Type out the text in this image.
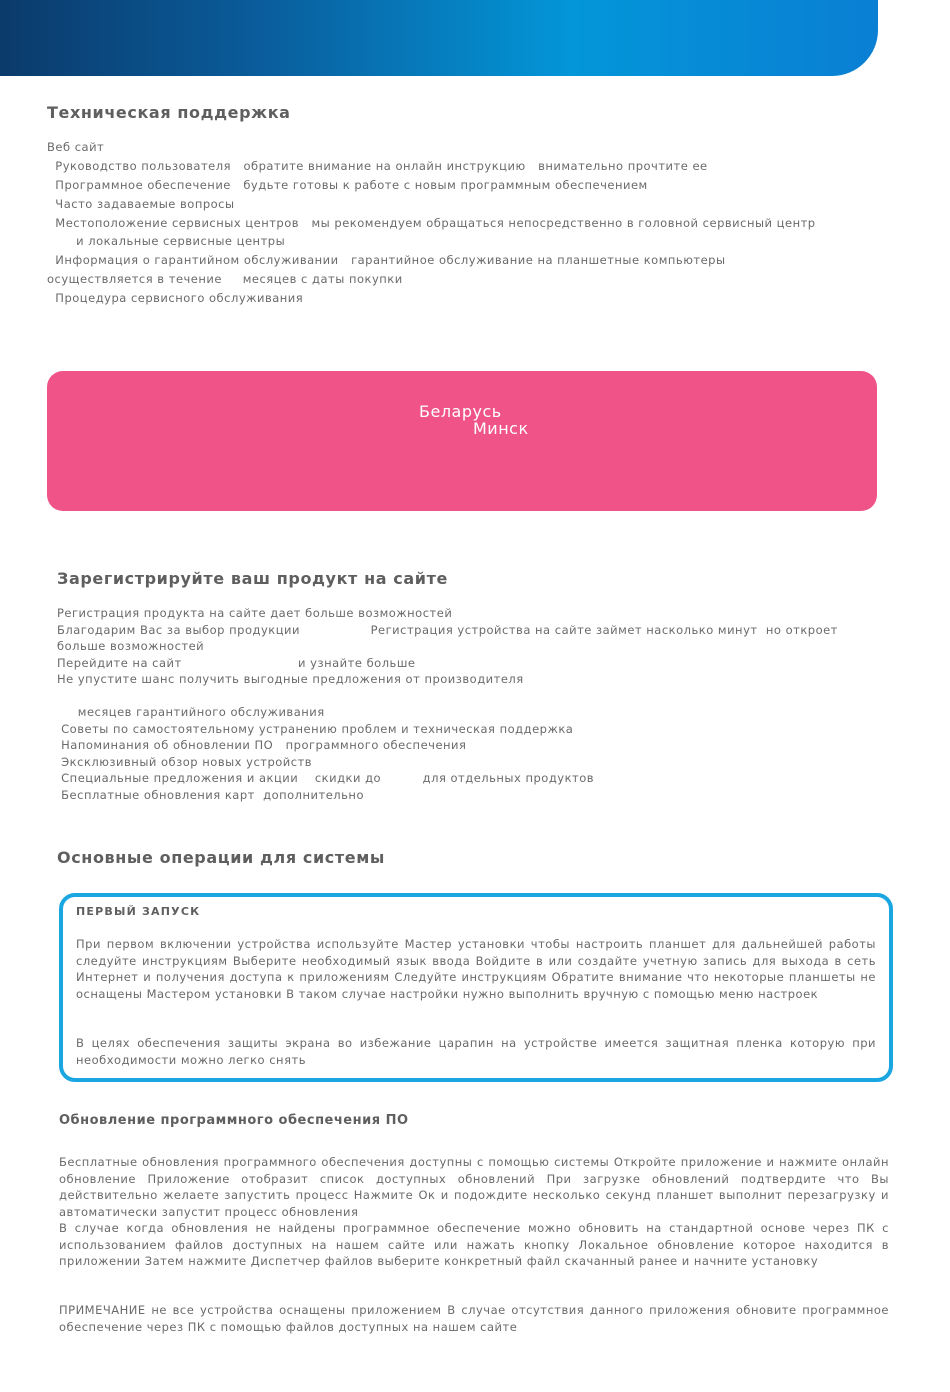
Техническая поддержка

Веб сайт

Руководство пользователя   обратите внимание на онлайн инструкцию   внимательно прочтите ее

Программное обеспечение   будьте готовы к работе с новым программным обеспечением

Часто задаваемые вопросы

Местоположение сервисных центров   мы рекомендуем обращаться непосредственно в головной сервисный центр

и локальные сервисные центры

Информация о гарантийном обслуживании   гарантийное обслуживание на планшетные компьютеры

осуществляется в течение     месяцев с даты покупки

Процедура сервисного обслуживания

Беларусь
Минск
Зарегистрируйте ваш продукт на сайте

Регистрация продукта на сайте дает больше возможностей

Благодарим Вас за выбор продукции                 Регистрация устройства на сайте займет насколько минут  но откроет

больше возможностей

Перейдите на сайт                            и узнайте больше

Не упустите шанс получить выгодные предложения от производителя

месяцев гарантийного обслуживания

Советы по самостоятельному устранению проблем и техническая поддержка

Напоминания об обновлении ПО   программного обеспечения

Эксклюзивный обзор новых устройств

Специальные предложения и акции    скидки до          для отдельных продуктов

Бесплатные обновления карт  дополнительно

Основные операции для системы

ПЕРВЫЙ ЗАПУСК

При первом включении устройства используйте Мастер установки чтобы настроить планшет для дальнейшей работы следуйте инструкциям Выберите необходимый язык ввода Войдите в или создайте учетную запись для выхода в сеть Интернет и получения доступа к приложениям Следуйте инструкциям Обратите внимание что некоторые планшеты не оснащены Мастером установки В таком случае настройки нужно выполнить вручную с помощью меню настроек

В целях обеспечения защиты экрана во избежание царапин на устройстве имеется защитная пленка которую при необходимости можно легко снять

Обновление программного обеспечения ПО

Бесплатные обновления программного обеспечения доступны с помощью системы Откройте приложение и нажмите онлайн обновление Приложение отобразит список доступных обновлений При загрузке обновлений подтвердите что Вы действительно желаете запустить процесс Нажмите Ок и подождите несколько секунд планшет выполнит перезагрузку и автоматически запустит процесс обновления

В случае когда обновления не найдены программное обеспечение можно обновить на стандартной основе через ПК с использованием файлов доступных на нашем сайте или нажать кнопку Локальное обновление которое находится в приложении Затем нажмите Диспетчер файлов выберите конкретный файл скачанный ранее и начните установку

ПРИМЕЧАНИЕ не все устройства оснащены приложением В случае отсутствия данного приложения обновите программное обеспечение через ПК с помощью файлов доступных на нашем сайте
